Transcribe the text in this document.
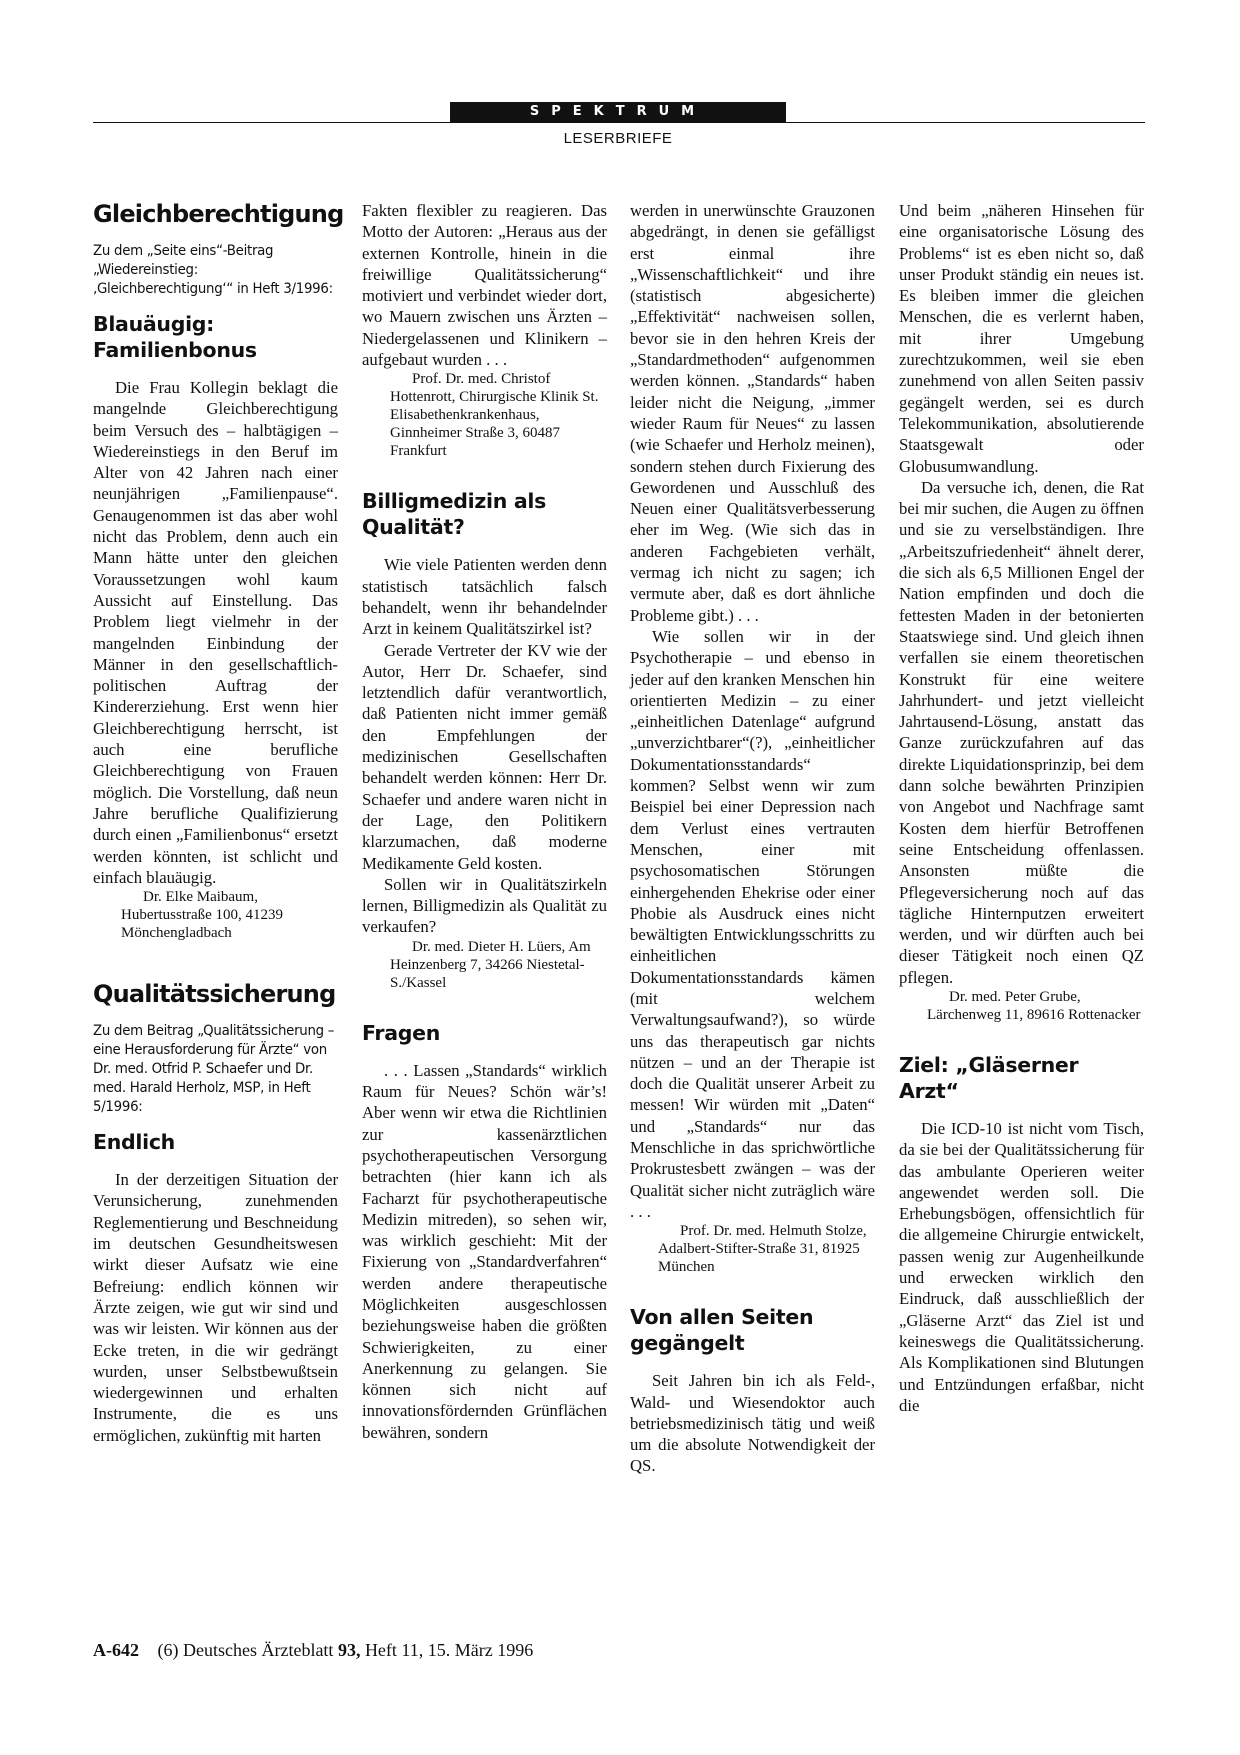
SPEKTRUM
LESERBRIEFE
Gleichberechtigung
Zu dem „Seite eins“-Beitrag „Wiedereinstieg: ‚Gleichberechtigung‘“ in Heft 3/1996:
Blauäugig: Familienbonus

Die Frau Kollegin beklagt die mangelnde Gleichberechtigung beim Versuch des – halbtägigen – Wiedereinstiegs in den Beruf im Alter von 42 Jahren nach einer neunjährigen „Familienpause“. Genaugenommen ist das aber wohl nicht das Problem, denn auch ein Mann hätte unter den gleichen Voraussetzungen wohl kaum Aussicht auf Einstellung. Das Problem liegt vielmehr in der mangelnden Einbindung der Männer in den gesellschaftlich-politischen Auftrag der Kindererziehung. Erst wenn hier Gleichberechtigung herrscht, ist auch eine berufliche Gleichberechtigung von Frauen möglich. Die Vorstellung, daß neun Jahre berufliche Qualifizierung durch einen „Familienbonus“ ersetzt werden könnten, ist schlicht und einfach blauäugig.

Dr. Elke Maibaum, Hubertusstraße 100, 41239 Mönchengladbach

Qualitätssicherung
Zu dem Beitrag „Qualitätssicherung – eine Herausforderung für Ärzte“ von Dr. med. Otfrid P. Schaefer und Dr. med. Harald Herholz, MSP, in Heft 5/1996:
Endlich

In der derzeitigen Situation der Verunsicherung, zunehmenden Reglementierung und Beschneidung im deutschen Gesundheitswesen wirkt dieser Aufsatz wie eine Befreiung: endlich können wir Ärzte zeigen, wie gut wir sind und was wir leisten. Wir können aus der Ecke treten, in die wir gedrängt wurden, unser Selbstbewußtsein wiedergewinnen und erhalten Instrumente, die es uns ermöglichen, zukünftig mit harten

Fakten flexibler zu reagieren. Das Motto der Autoren: „Heraus aus der externen Kontrolle, hinein in die freiwillige Qualitätssicherung“ motiviert und verbindet wieder dort, wo Mauern zwischen uns Ärzten – Niedergelassenen und Klinikern – aufgebaut wurden . . .

Prof. Dr. med. Christof Hottenrott, Chirurgische Klinik St. Elisabethenkrankenhaus, Ginnheimer Straße 3, 60487 Frankfurt

Billigmedizin als Qualität?

Wie viele Patienten werden denn statistisch tatsächlich falsch behandelt, wenn ihr behandelnder Arzt in keinem Qualitätszirkel ist?

Gerade Vertreter der KV wie der Autor, Herr Dr. Schaefer, sind letztendlich dafür verantwortlich, daß Patienten nicht immer gemäß den Empfehlungen der medizinischen Gesellschaften behandelt werden können: Herr Dr. Schaefer und andere waren nicht in der Lage, den Politikern klarzumachen, daß moderne Medikamente Geld kosten.

Sollen wir in Qualitätszirkeln lernen, Billigmedizin als Qualität zu verkaufen?

Dr. med. Dieter H. Lüers, Am Heinzenberg 7, 34266 Niestetal-S./Kassel

Fragen

. . . Lassen „Standards“ wirklich Raum für Neues? Schön wär’s! Aber wenn wir etwa die Richtlinien zur kassenärztlichen psychotherapeutischen Versorgung betrachten (hier kann ich als Facharzt für psychotherapeutische Medizin mitreden), so sehen wir, was wirklich geschieht: Mit der Fixierung von „Standardverfahren“ werden andere therapeutische Möglichkeiten ausgeschlossen beziehungsweise haben die größten Schwierigkeiten, zu einer Anerkennung zu gelangen. Sie können sich nicht auf innovationsfördernden Grünflächen bewähren, sondern

werden in unerwünschte Grauzonen abgedrängt, in denen sie gefälligst erst einmal ihre „Wissenschaftlichkeit“ und ihre (statistisch abgesicherte) „Effektivität“ nachweisen sollen, bevor sie in den hehren Kreis der „Standardmethoden“ aufgenommen werden können. „Standards“ haben leider nicht die Neigung, „immer wieder Raum für Neues“ zu lassen (wie Schaefer und Herholz meinen), sondern stehen durch Fixierung des Gewordenen und Ausschluß des Neuen einer Qualitätsverbesserung eher im Weg. (Wie sich das in anderen Fachgebieten verhält, vermag ich nicht zu sagen; ich vermute aber, daß es dort ähnliche Probleme gibt.) . . .

Wie sollen wir in der Psychotherapie – und ebenso in jeder auf den kranken Menschen hin orientierten Medizin – zu einer „einheitlichen Datenlage“ aufgrund „unverzichtbarer“(?), „einheitlicher Dokumentationsstandards“ kommen? Selbst wenn wir zum Beispiel bei einer Depression nach dem Verlust eines vertrauten Menschen, einer mit psychosomatischen Störungen einhergehenden Ehekrise oder einer Phobie als Ausdruck eines nicht bewältigten Entwicklungsschritts zu einheitlichen Dokumentationsstandards kämen (mit welchem Verwaltungsaufwand?), so würde uns das therapeutisch gar nichts nützen – und an der Therapie ist doch die Qualität unserer Arbeit zu messen! Wir würden mit „Daten“ und „Standards“ nur das Menschliche in das sprichwörtliche Prokrustesbett zwängen – was der Qualität sicher nicht zuträglich wäre . . .

Prof. Dr. med. Helmuth Stolze, Adalbert-Stifter-Straße 31, 81925 München

Von allen Seiten gegängelt

Seit Jahren bin ich als Feld-, Wald- und Wiesendoktor auch betriebsmedizinisch tätig und weiß um die absolute Notwendigkeit der QS.

Und beim „näheren Hinsehen für eine organisatorische Lösung des Problems“ ist es eben nicht so, daß unser Produkt ständig ein neues ist. Es bleiben immer die gleichen Menschen, die es verlernt haben, mit ihrer Umgebung zurechtzukommen, weil sie eben zunehmend von allen Seiten passiv gegängelt werden, sei es durch Telekommunikation, absolutierende Staatsgewalt oder Globusumwandlung.

Da versuche ich, denen, die Rat bei mir suchen, die Augen zu öffnen und sie zu verselbständigen. Ihre „Arbeitszufriedenheit“ ähnelt derer, die sich als 6,5 Millionen Engel der Nation empfinden und doch die fettesten Maden in der betonierten Staatswiege sind. Und gleich ihnen verfallen sie einem theoretischen Konstrukt für eine weitere Jahrhundert- und jetzt vielleicht Jahrtausend-Lösung, anstatt das Ganze zurückzufahren auf das direkte Liquidationsprinzip, bei dem dann solche bewährten Prinzipien von Angebot und Nachfrage samt Kosten dem hierfür Betroffenen seine Entscheidung offenlassen. Ansonsten müßte die Pflegeversicherung noch auf das tägliche Hinternputzen erweitert werden, und wir dürften auch bei dieser Tätigkeit noch einen QZ pflegen.

Dr. med. Peter Grube, Lärchenweg 11, 89616 Rottenacker

Ziel: „Gläserner Arzt“

Die ICD-10 ist nicht vom Tisch, da sie bei der Qualitätssicherung für das ambulante Operieren weiter angewendet werden soll. Die Erhebungsbögen, offensichtlich für die allgemeine Chirurgie entwickelt, passen wenig zur Augenheilkunde und erwecken wirklich den Eindruck, daß ausschließlich der „Gläserne Arzt“ das Ziel ist und keineswegs die Qualitätssicherung. Als Komplikationen sind Blutungen und Entzündungen erfaßbar, nicht die

A-642 (6) Deutsches Ärzteblatt 93, Heft 11, 15. März 1996
